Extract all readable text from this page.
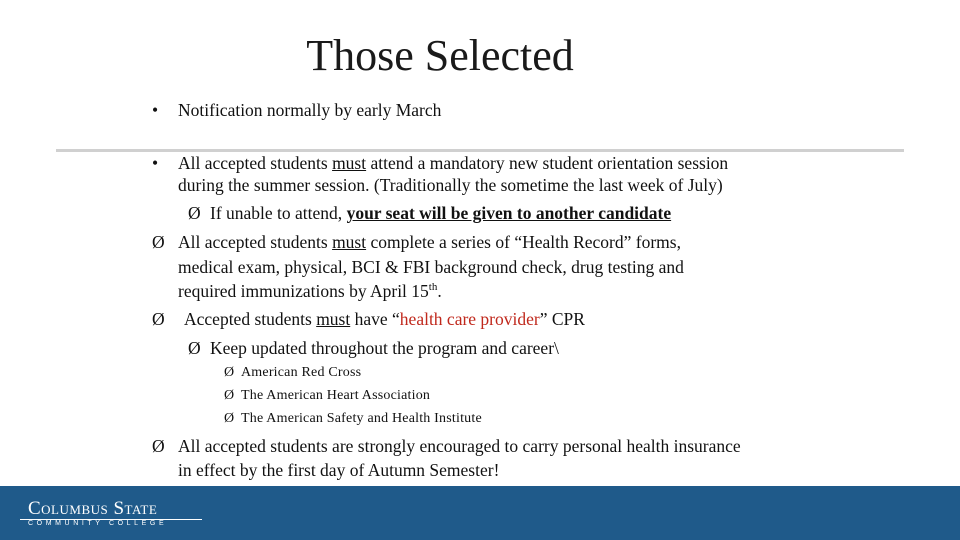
Those Selected
• Notification normally by early March
• All accepted students must attend a mandatory new student orientation session
during the summer session. (Traditionally the sometime the last week of July)
Ø If unable to attend, your seat will be given to another candidate
Ø All accepted students must complete a series of “Health Record” forms,
medical exam, physical, BCI & FBI background check, drug testing and
required immunizations by April 15th.
Ø Accepted students must have “health care provider” CPR
Ø Keep updated throughout the program and career\
Ø American Red Cross
Ø The American Heart Association
Ø The American Safety and Health Institute
Ø All accepted students are strongly encouraged to carry personal health insurance
in effect by the first day of Autumn Semester!
Columbus State
COMMUNITY COLLEGE
